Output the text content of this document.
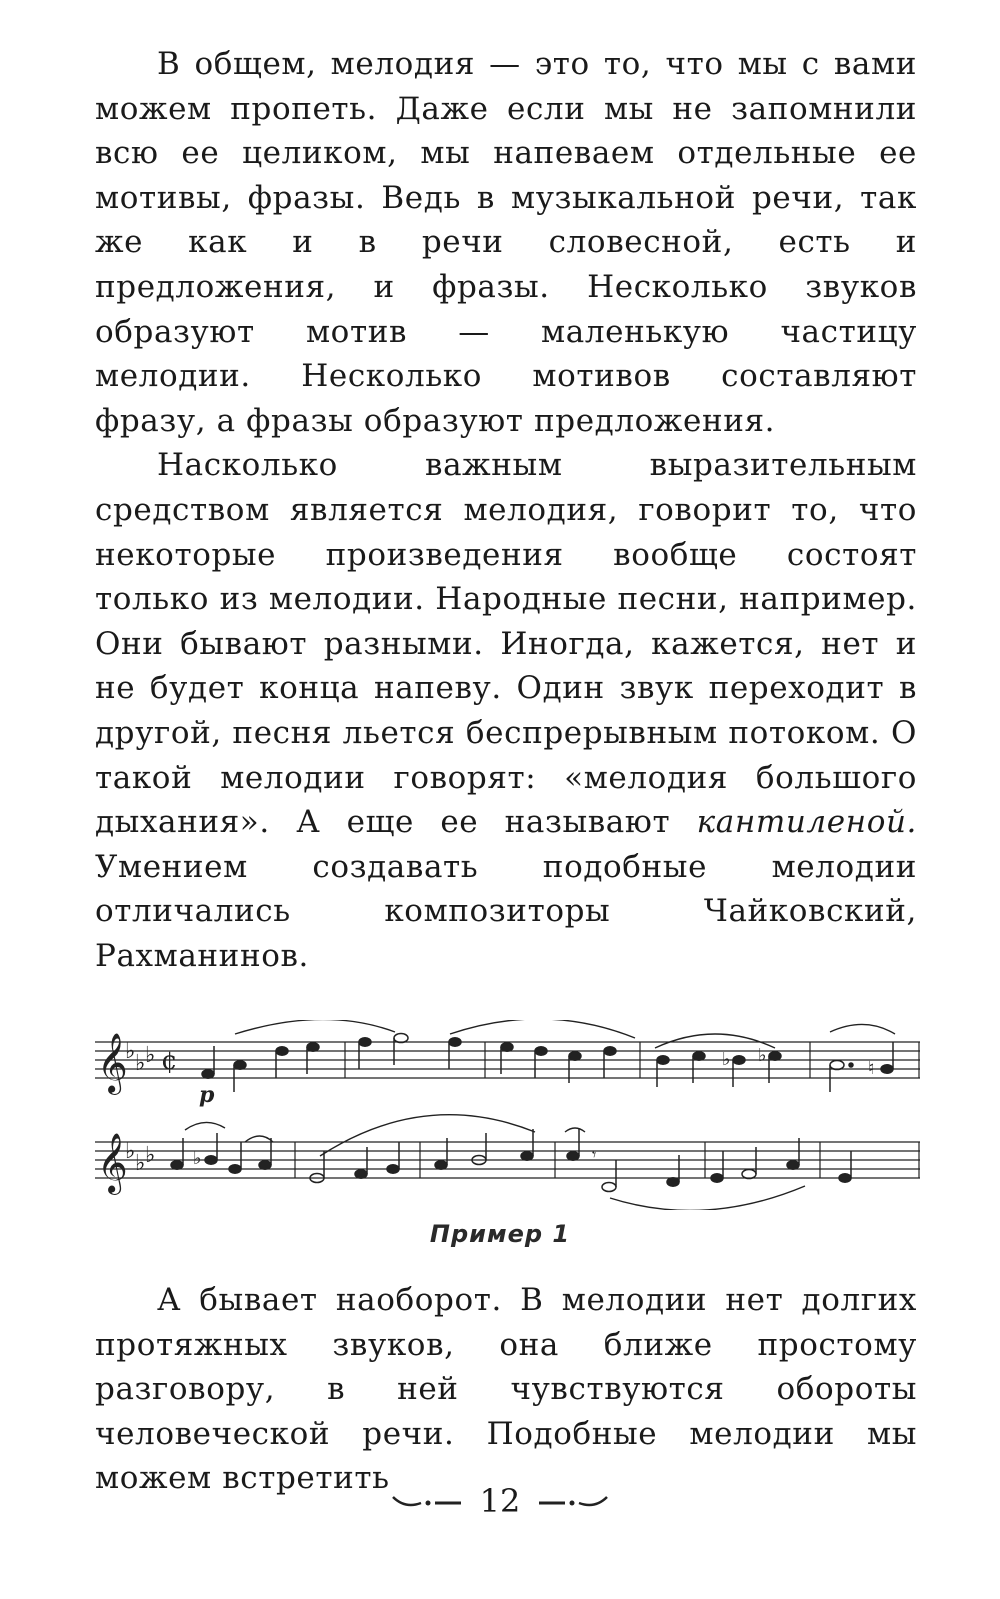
В общем, мелодия — это то, что мы с вами можем пропеть. Даже если мы не запомнили всю ее целиком, мы напеваем отдельные ее мотивы, фразы. Ведь в музыкальной речи, так же как и в речи словесной, есть и предложения, и фразы. Несколько звуков образуют мотив — маленькую частицу мелодии. Несколько мотивов составляют фразу, а фразы образуют предложения.

Насколько важным выразительным средством является мелодия, говорит то, что некоторые произведения вообще состоят только из мелодии. Народные песни, например. Они бывают разными. Иногда, кажется, нет и не будет конца напеву. Один звук переходит в другой, песня льется беспрерывным потоком. О такой мелодии говорят: «мелодия большого дыхания». А еще ее называют кантиленой. Умением создавать подобные мелодии отличались композиторы Чайковский, Рахманинов.

𝄞
♭ ♭ ♭ ¢
p
♭ ♭
♮
𝄞
♭ ♭ ♭ ♭	𝄾
Пример 1

А бывает наоборот. В мелодии нет долгих протяжных звуков, она ближе простому разговору, в ней чувствуются обороты человеческой речи. Подобные мелодии мы можем встретить

12
